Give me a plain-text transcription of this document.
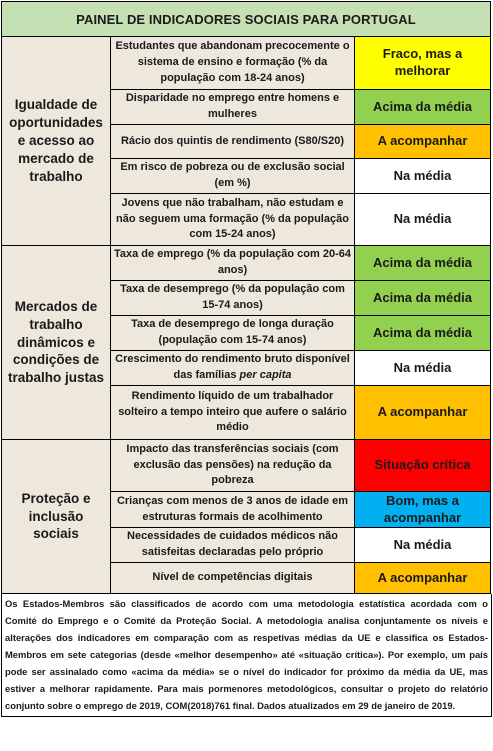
PAINEL DE INDICADORES SOCIAIS PARA PORTUGAL		
Igualdade de oportunidades e acesso ao mercado de trabalho	Estudantes que abandonam precocemente o sistema de ensino e formação (% da população com 18-24 anos)	Fraco, mas a melhorar
	Disparidade no emprego entre homens e mulheres	Acima da média
	Rácio dos quintis de rendimento (S80/S20)	A acompanhar
	Em risco de pobreza ou de exclusão social (em %)	Na média
	Jovens que não trabalham, não estudam e não seguem uma formação (% da população com 15-24 anos)	Na média
Mercados de trabalho dinâmicos e condições de trabalho justas	Taxa de emprego (% da população com 20-64 anos)	Acima da média
	Taxa de desemprego (% da população com 15-74 anos)	Acima da média
	Taxa de desemprego de longa duração (população com 15-74 anos)	Acima da média
	Crescimento do rendimento bruto disponível das famílias per capita	Na média
	Rendimento líquido de um trabalhador solteiro a tempo inteiro que aufere o salário médio	A acompanhar
Proteção e inclusão sociais	Impacto das transferências sociais (com exclusão das pensões) na redução da pobreza	Situação crítica
	Crianças com menos de 3 anos de idade em estruturas formais de acolhimento	Bom, mas a acompanhar
	Necessidades de cuidados médicos não satisfeitas declaradas pelo próprio	Na média
	Nível de competências digitais	A acompanhar
Os Estados-Membros são classificados de acordo com uma metodologia estatística acordada com o Comité do Emprego e o Comité da Proteção Social. A metodologia analisa conjuntamente os níveis e alterações dos indicadores em comparação com as respetivas médias da UE e classifica os Estados-Membros em sete categorias (desde «melhor desempenho» até «situação crítica»). Por exemplo, um país pode ser assinalado como «acima da média» se o nível do indicador for próximo da média da UE, mas estiver a melhorar rapidamente. Para mais pormenores metodológicos, consultar o projeto do relatório conjunto sobre o emprego de 2019, COM(2018)761 final. Dados atualizados em 29 de janeiro de 2019.
